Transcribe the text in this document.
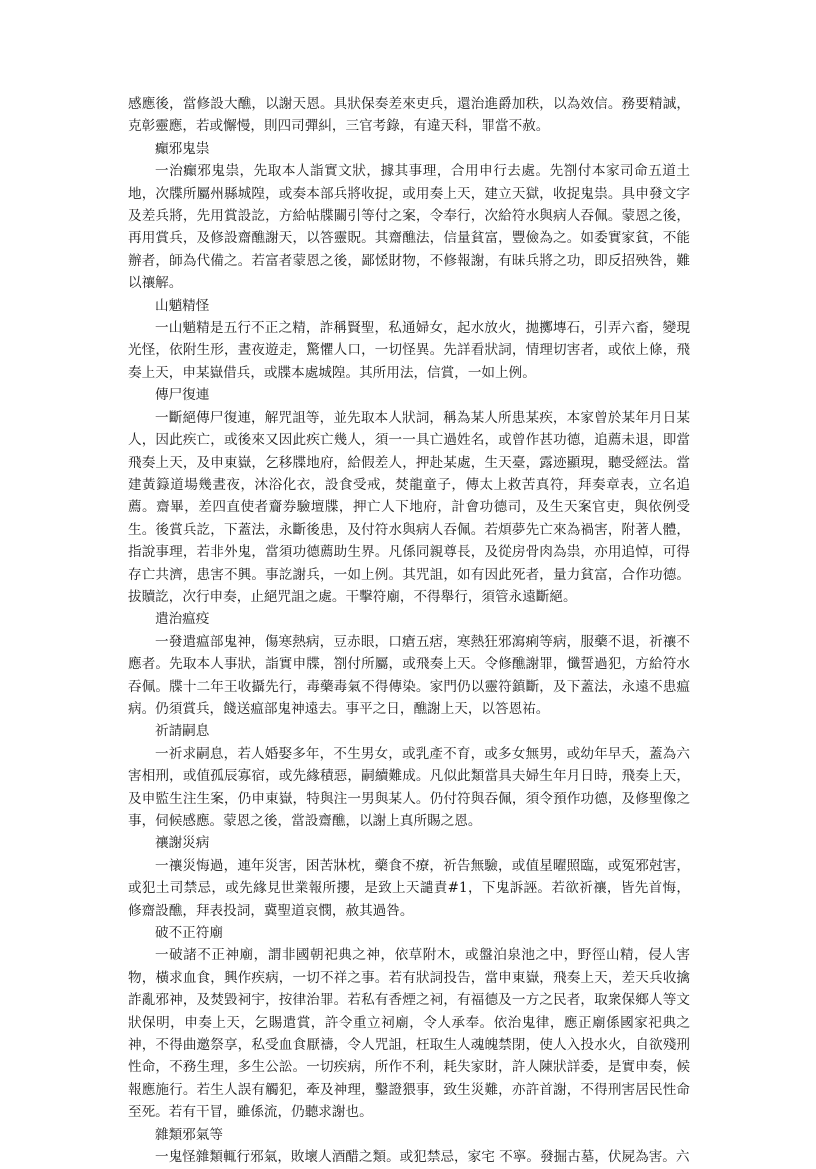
感應後，當修設大醮，以謝天恩。具狀保奏差來吏兵，還治進爵加秩，以為效信。務要精誠，克彰靈應，若或懈慢，則四司彈糾，三官考錄，有違天科，罪當不赦。

癲邪鬼祟

一治癲邪鬼祟，先取本人詣實文狀，據其事理，合用申行去處。先劄付本家司命五道土地，次牒所屬州縣城隍，或奏本部兵將收捉，或用奏上天，建立天獄，收捉鬼祟。具申發文字及差兵將，先用賞設訖，方給帖牒關引等付之案，令奉行，次給符水與病人吞佩。蒙恩之後，再用賞兵，及修設齋醮謝天，以答靈貺。其齋醮法，信量貧富，豐儉為之。如委實家貧，不能辦者，師為代備之。若富者蒙恩之後，鄙恡財物，不修報謝，有昧兵將之功，即反招殃咎，難以禳解。

山魈精怪

一山魈精是五行不正之精，詐稱賢聖，私通婦女，起水放火，拋擲塼石，引弄六畜，變現光怪，依附生形，晝夜遊走，驚懼人口，一切怪異。先詳看狀詞，情理切害者，或依上條，飛奏上天，申某嶽借兵，或牒本處城隍。其所用法，信賞，一如上例。

傳尸復連

一斷絕傳尸復連，解咒詛等，並先取本人狀詞，稱為某人所患某疾，本家曾於某年月日某人，因此疾亡，或後來又因此疾亡幾人，須一一具亡過姓名，或曾作甚功德，追薦未退，即當飛奏上天，及申東嶽，乞移牒地府，給假差人，押赴某處，生天臺，露迹顯現，聽受經法。當建黃籙道場幾晝夜，沐浴化衣，設食受戒，焚龍童子，傳太上救苦真符，拜奏章表，立名追薦。齋畢，差四直使者齎券驗壇牒，押亡人下地府，計會功德司，及生天案官吏，與依例受生。後賞兵訖，下蓋法，永斷後患，及付符水與病人吞佩。若煩夢先亡來為禍害，附著人體，指說事理，若非外鬼，當須功德薦助生界。凡係同親尊長，及從房骨肉為祟，亦用追悼，可得存亡共濟，患害不興。事訖謝兵，一如上例。其咒詛，如有因此死者，量力貧富，合作功德。拔贖訖，次行申奏，止絕咒詛之處。干擊符廟，不得舉行，須管永遠斷絕。

遣治瘟疫

一發遣瘟部鬼神，傷寒熱病，豆赤眼，口瘡五痞，寒熱狂邪瀉痢等病，服藥不退，祈禳不應者。先取本人事狀，詣實申牒，劄付所屬，或飛奏上天。令修醮謝罪，懺誓過犯，方給符水吞佩。牒十二年王收攝先行，毒藥毒氣不得傳染。家門仍以靈符鎮斷，及下蓋法，永遠不患瘟病。仍須賞兵，餞送瘟部鬼神遠去。事平之日，醮謝上天，以答恩祐。

祈請嗣息

一祈求嗣息，若人婚娶多年，不生男女，或乳產不育，或多女無男，或幼年早夭，蓋為六害相刑，或值孤辰寡宿，或先緣積惡，嗣續難成。凡似此類當具夫婦生年月日時，飛奏上天，及申監生注生案，仍申東嶽，特與注一男與某人。仍付符與吞佩，須令預作功德，及修聖像之事，伺候感應。蒙恩之後，當設齋醮，以謝上真所賜之恩。

禳謝災病

一禳災悔過，連年災害，困苦牀枕，藥食不療，祈告無驗，或值星曜照臨，或冤邪尅害，或犯土司禁忌，或先緣見世業報所攖，是致上天譴責#1，下鬼訴誣。若欲祈禳，皆先首悔，修齋設醮，拜表投詞，冀聖道哀憫，赦其過咎。

破不正符廟

一破諸不正神廟，謂非國朝祀典之神，依草附木，或盤泊泉池之中，野徑山精，侵人害物，橫求血食，興作疾病，一切不祥之事。若有狀詞投告，當申東嶽，飛奏上天，差天兵收擒詐亂邪神，及焚毀祠宇，按律治罪。若私有香煙之祠，有福德及一方之民者，取衆保鄉人等文狀保明，申奏上天，乞賜遣賞，許令重立祠廟，令人承奉。依治鬼律，應正廟係國家祀典之神，不得曲邀祭享，私受血食厭禱，令人咒詛，枉取生人魂魄禁閉，使人入投水火，自欲殘刑性命，不務生理，多生公訟。一切疾病，所作不利，耗失家財，許人陳狀詳委，是實申奏，候報應施行。若生人誤有觸犯，牽及神理，鑿證猥事，致生災難，亦許首謝，不得刑害居民性命至死。若有干冒，雖係流，仍聽求謝也。

雜類邪氣等

一鬼怪雜類輒行邪氣，敗壞人酒醋之類。或犯禁忌，家宅 不寧。發掘古墓，伏屍為害。六
